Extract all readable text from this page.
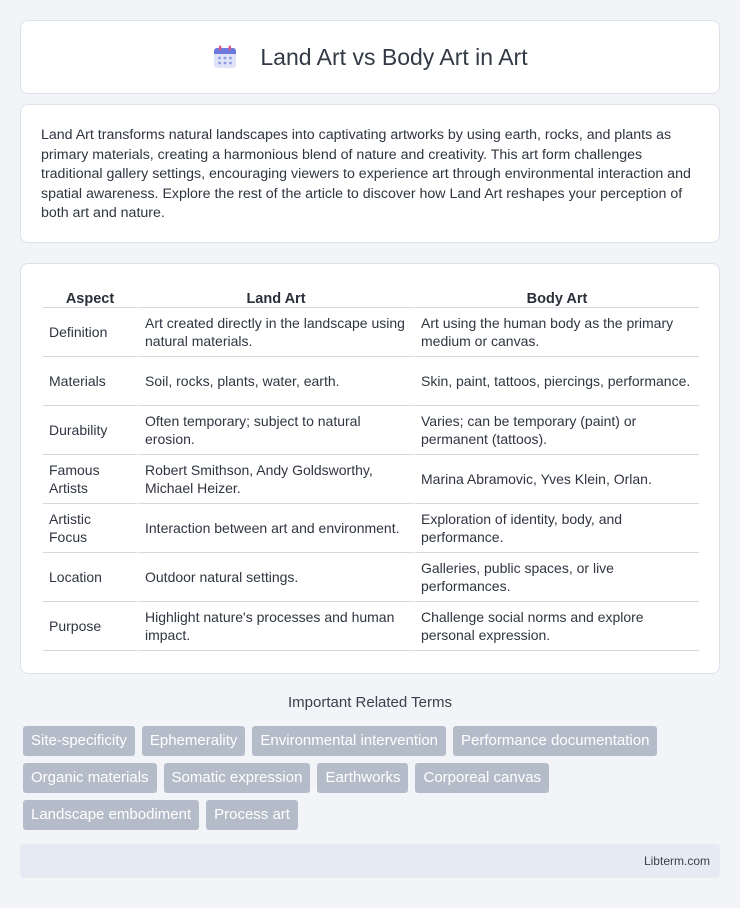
Land Art vs Body Art in Art

Land Art transforms natural landscapes into captivating artworks by using earth, rocks, and plants as primary materials, creating a harmonious blend of nature and creativity. This art form challenges traditional gallery settings, encouraging viewers to experience art through environmental interaction and spatial awareness. Explore the rest of the article to discover how Land Art reshapes your perception of both art and nature.

Aspect	Land Art	Body Art
Definition	Art created directly in the landscape using natural materials.	Art using the human body as the primary medium or canvas.
Materials	Soil, rocks, plants, water, earth.	Skin, paint, tattoos, piercings, performance.
Durability	Often temporary; subject to natural erosion.	Varies; can be temporary (paint) or permanent (tattoos).
Famous Artists	Robert Smithson, Andy Goldsworthy, Michael Heizer.	Marina Abramovic, Yves Klein, Orlan.
Artistic Focus	Interaction between art and environment.	Exploration of identity, body, and performance.
Location	Outdoor natural settings.	Galleries, public spaces, or live performances.
Purpose	Highlight nature's processes and human impact.	Challenge social norms and explore personal expression.
Important Related Terms
Site-specificity	Ephemerality	Environmental intervention	Performance documentation
Organic materials	Somatic expression	Earthworks	Corporeal canvas
Landscape embodiment	Process art
Libterm.com
